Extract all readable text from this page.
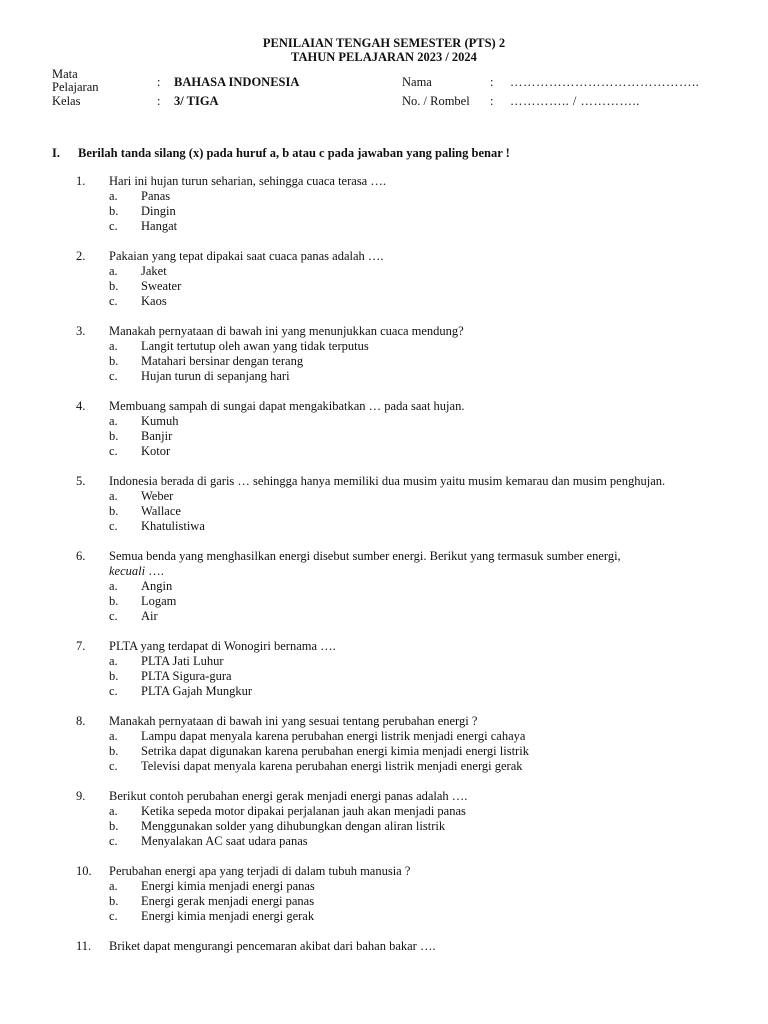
PENILAIAN TENGAH SEMESTER (PTS) 2
TAHUN PELAJARAN 2023 / 2024
Mata
Pelajaran	: BAHASA INDONESIA	Nama	: ……………………………………..
Kelas	: 3/ TIGA	No. / Rombel : ………….. / …………..
I. Berilah tanda silang (x) pada huruf a, b atau c pada jawaban yang paling benar !
1. Hari ini hujan turun seharian, sehingga cuaca terasa ….
a. Panas
b. Dingin
c. Hangat
2. Pakaian yang tepat dipakai saat cuaca panas adalah ….
a. Jaket
b. Sweater
c. Kaos
3. Manakah pernyataan di bawah ini yang menunjukkan cuaca mendung?
a. Langit tertutup oleh awan yang tidak terputus
b. Matahari bersinar dengan terang
c. Hujan turun di sepanjang hari
4. Membuang sampah di sungai dapat mengakibatkan … pada saat hujan.
a. Kumuh
b. Banjir
c. Kotor
5. Indonesia berada di garis … sehingga hanya memiliki dua musim yaitu musim kemarau dan musim penghujan.
a. Weber
b. Wallace
c. Khatulistiwa
6. Semua benda yang menghasilkan energi disebut sumber energi. Berikut yang termasuk sumber energi,
kecuali ….
a. Angin
b. Logam
c. Air
7. PLTA yang terdapat di Wonogiri bernama ….
a. PLTA Jati Luhur
b. PLTA Sigura-gura
c. PLTA Gajah Mungkur
8. Manakah pernyataan di bawah ini yang sesuai tentang perubahan energi ?
a. Lampu dapat menyala karena perubahan energi listrik menjadi energi cahaya
b. Setrika dapat digunakan karena perubahan energi kimia menjadi energi listrik
c. Televisi dapat menyala karena perubahan energi listrik menjadi energi gerak
9. Berikut contoh perubahan energi gerak menjadi energi panas adalah ….
a. Ketika sepeda motor dipakai perjalanan jauh akan menjadi panas
b. Menggunakan solder yang dihubungkan dengan aliran listrik
c. Menyalakan AC saat udara panas
10. Perubahan energi apa yang terjadi di dalam tubuh manusia ?
a. Energi kimia menjadi energi panas
b. Energi gerak menjadi energi panas
c. Energi kimia menjadi energi gerak
11. Briket dapat mengurangi pencemaran akibat dari bahan bakar ….
